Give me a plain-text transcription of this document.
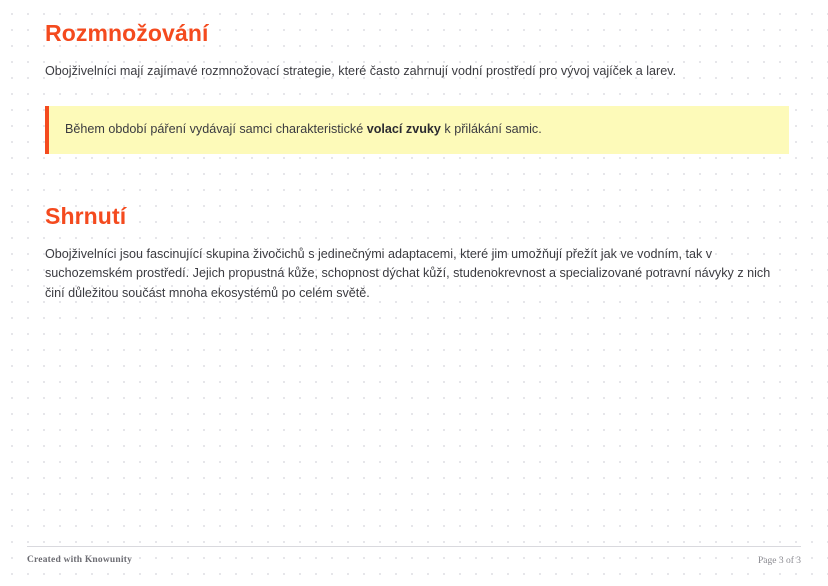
Rozmnožování

Obojživelníci mají zajímavé rozmnožovací strategie, které často zahrnují vodní prostředí pro vývoj vajíček a larev.

Během období páření vydávají samci charakteristické volací zvuky k přilákání samic.
Shrnutí

Obojživelníci jsou fascinující skupina živočichů s jedinečnými adaptacemi, které jim umožňují přežít jak ve vodním, tak v suchozemském prostředí. Jejich propustná kůže, schopnost dýchat kůží, studenokrevnost a specializované potravní návyky z nich činí důležitou součást mnoha ekosystémů po celém světě.

Created with Knowunity	Page 3 of 3
